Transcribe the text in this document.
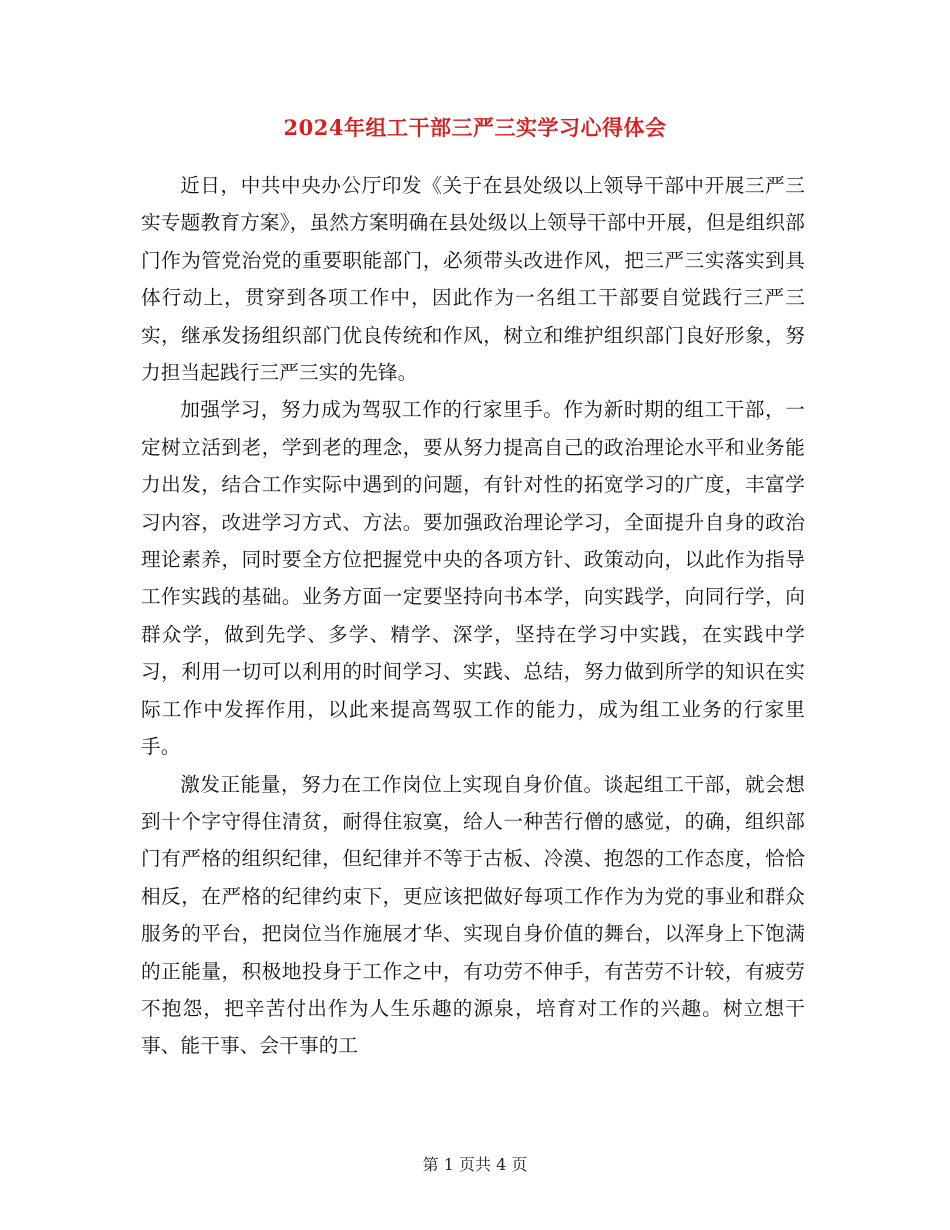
2024年组工干部三严三实学习心得体会

近日，中共中央办公厅印发《关于在县处级以上领导干部中开展三严三实专题教育方案》，虽然方案明确在县处级以上领导干部中开展，但是组织部门作为管党治党的重要职能部门，必须带头改进作风，把三严三实落实到具体行动上，贯穿到各项工作中，因此作为一名组工干部要自觉践行三严三实，继承发扬组织部门优良传统和作风，树立和维护组织部门良好形象，努力担当起践行三严三实的先锋。

加强学习，努力成为驾驭工作的行家里手。作为新时期的组工干部，一定树立活到老，学到老的理念，要从努力提高自己的政治理论水平和业务能力出发，结合工作实际中遇到的问题，有针对性的拓宽学习的广度，丰富学习内容，改进学习方式、方法。要加强政治理论学习，全面提升自身的政治理论素养，同时要全方位把握党中央的各项方针、政策动向，以此作为指导工作实践的基础。业务方面一定要坚持向书本学，向实践学，向同行学，向群众学，做到先学、多学、精学、深学，坚持在学习中实践，在实践中学习，利用一切可以利用的时间学习、实践、总结，努力做到所学的知识在实际工作中发挥作用，以此来提高驾驭工作的能力，成为组工业务的行家里手。

激发正能量，努力在工作岗位上实现自身价值。谈起组工干部，就会想到十个字守得住清贫，耐得住寂寞，给人一种苦行僧的感觉，的确，组织部门有严格的组织纪律，但纪律并不等于古板、冷漠、抱怨的工作态度，恰恰相反，在严格的纪律约束下，更应该把做好每项工作作为为党的事业和群众服务的平台，把岗位当作施展才华、实现自身价值的舞台，以浑身上下饱满的正能量，积极地投身于工作之中，有功劳不伸手，有苦劳不计较，有疲劳不抱怨，把辛苦付出作为人生乐趣的源泉，培育对工作的兴趣。树立想干事、能干事、会干事的工

第 1 页共 4 页
